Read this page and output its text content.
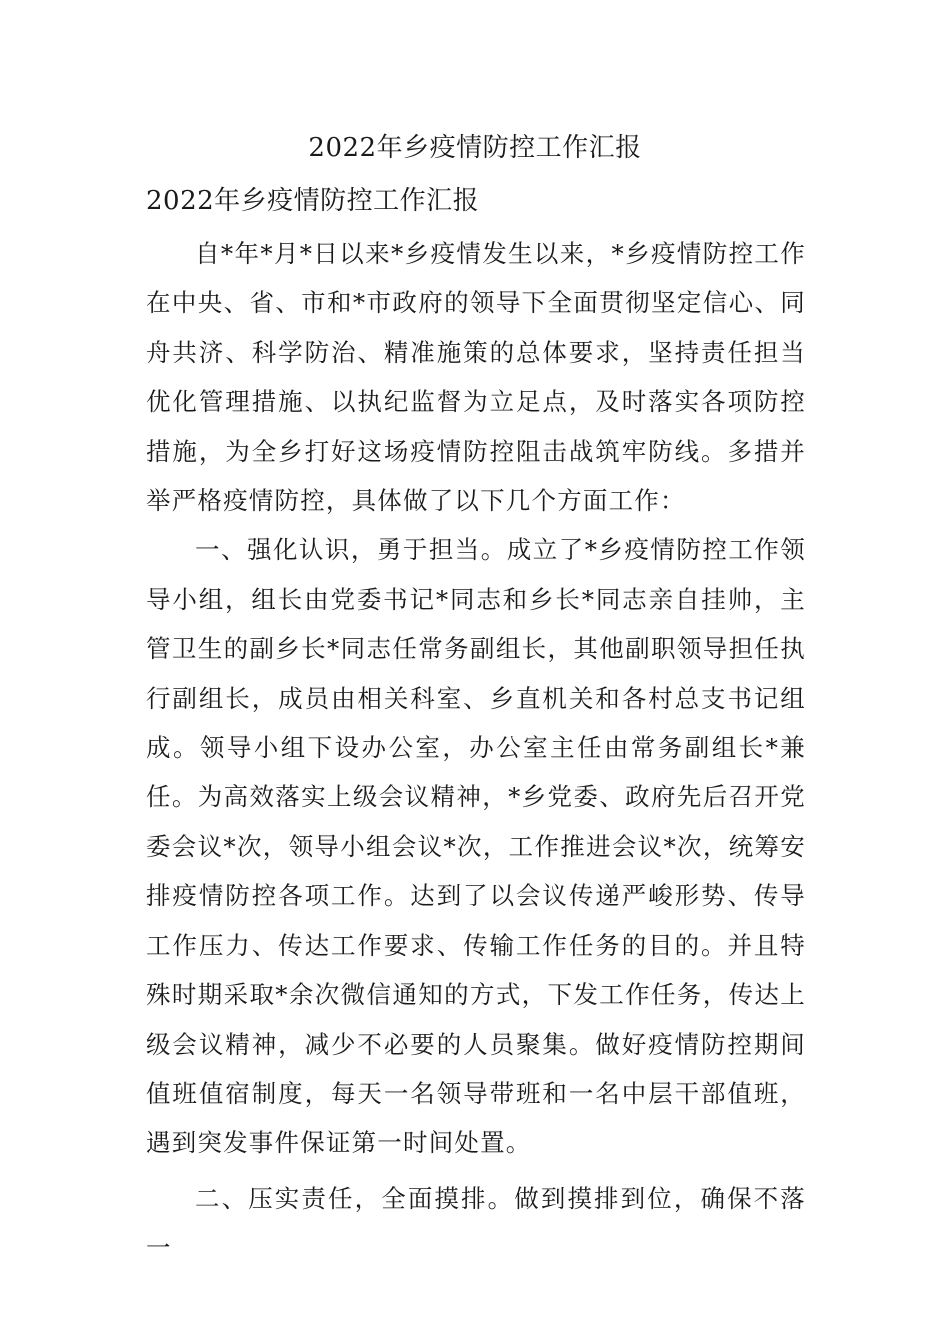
2022年乡疫情防控工作汇报
2022年乡疫情防控工作汇报

自*年*月*日以来*乡疫情发生以来，*乡疫情防控工作在中央、省、市和*市政府的领导下全面贯彻坚定信心、同舟共济、科学防治、精准施策的总体要求，坚持责任担当优化管理措施、以执纪监督为立足点，及时落实各项防控措施，为全乡打好这场疫情防控阻击战筑牢防线。多措并举严格疫情防控，具体做了以下几个方面工作：

一、强化认识，勇于担当。成立了*乡疫情防控工作领导小组，组长由党委书记*同志和乡长*同志亲自挂帅，主管卫生的副乡长*同志任常务副组长，其他副职领导担任执行副组长，成员由相关科室、乡直机关和各村总支书记组成。领导小组下设办公室，办公室主任由常务副组长*兼任。为高效落实上级会议精神，*乡党委、政府先后召开党委会议*次，领导小组会议*次，工作推进会议*次，统筹安排疫情防控各项工作。达到了以会议传递严峻形势、传导工作压力、传达工作要求、传输工作任务的目的。并且特殊时期采取*余次微信通知的方式，下发工作任务，传达上级会议精神，减少不必要的人员聚集。做好疫情防控期间值班值宿制度，每天一名领导带班和一名中层干部值班，遇到突发事件保证第一时间处置。

二、压实责任，全面摸排。做到摸排到位，确保不落一
